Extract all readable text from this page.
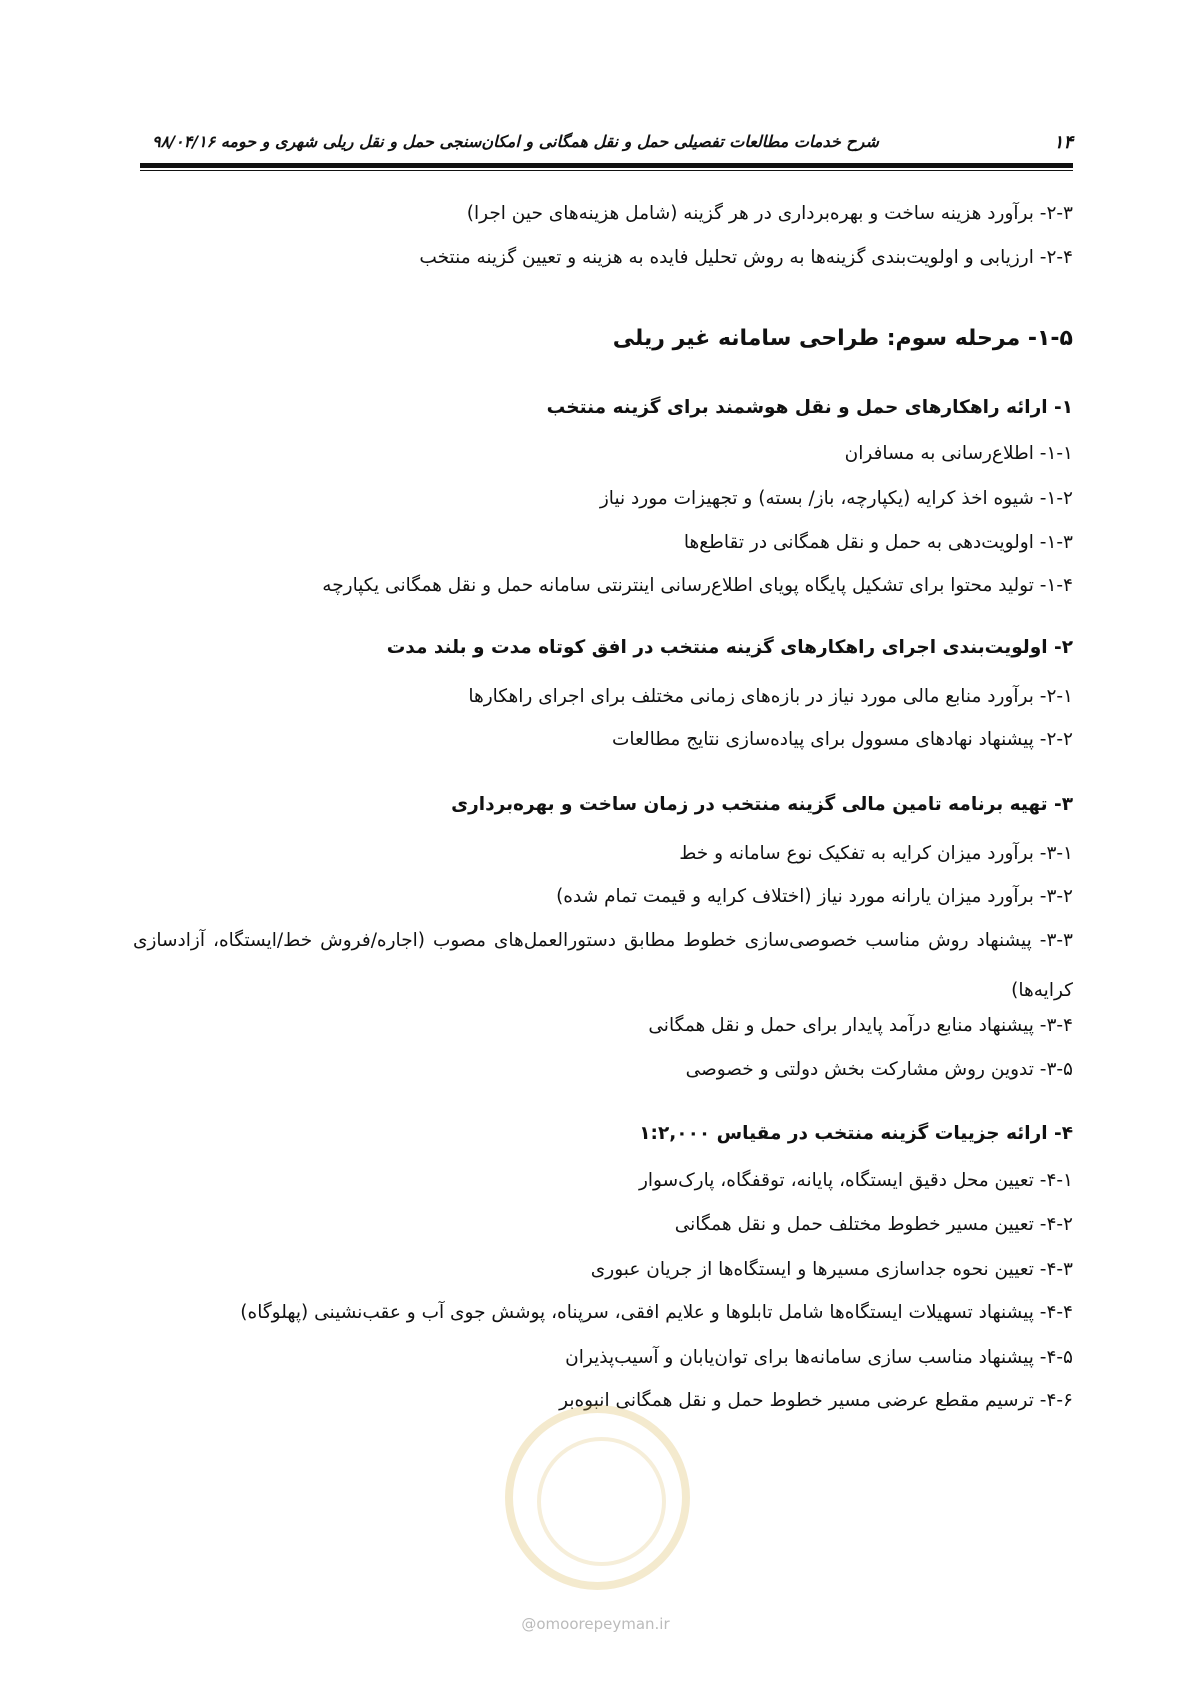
۱۴
شرح خدمات مطالعات تفصیلی حمل و نقل همگانی و امکان‌سنجی حمل و نقل ریلی شهری و حومه ۹۸/۰۴/۱۶
۲-۳- برآورد هزینه ساخت و بهره‌برداری در هر گزینه (شامل هزینه‌های حین اجرا)
۲-۴- ارزیابی و اولویت‌بندی گزینه‌ها به روش تحلیل فایده به هزینه و تعیین گزینه منتخب
۱-۵- مرحله سوم: طراحی سامانه غیر ریلی
۱- ارائه راهکارهای حمل و نقل هوشمند برای گزینه منتخب
۱-۱- اطلاع‌رسانی به مسافران
۱-۲- شیوه اخذ کرایه (یکپارچه، باز/ بسته) و تجهیزات مورد نیاز
۱-۳- اولویت‌دهی به حمل و نقل همگانی در تقاطع‌ها
۱-۴- تولید محتوا برای تشکیل پایگاه پویای اطلاع‌رسانی اینترنتی سامانه حمل و نقل همگانی یکپارچه
۲- اولویت‌بندی اجرای راهکارهای گزینه منتخب در افق کوتاه مدت و بلند مدت
۲-۱- برآورد منابع مالی مورد نیاز در بازه‌های زمانی مختلف برای اجرای راهکارها
۲-۲- پیشنهاد نهادهای مسوول برای پیاده‌سازی نتایج مطالعات
۳- تهیه برنامه تامین مالی گزینه منتخب در زمان ساخت و بهره‌برداری
۳-۱- برآورد میزان کرایه به تفکیک نوع سامانه و خط
۳-۲- برآورد میزان یارانه مورد نیاز (اختلاف کرایه و قیمت تمام شده)
۳-۳- پیشنهاد روش مناسب خصوصی‌سازی خطوط مطابق دستورالعمل‌های مصوب (اجاره/فروش خط/ایستگاه، آزادسازی کرایه‌ها)
۳-۴- پیشنهاد منابع درآمد پایدار برای حمل و نقل همگانی
۳-۵- تدوین روش مشارکت بخش دولتی و خصوصی
۴- ارائه جزییات گزینه منتخب در مقیاس ۱:۲,۰۰۰
۴-۱- تعیین محل دقیق ایستگاه، پایانه، توقفگاه، پارک‌سوار
۴-۲- تعیین مسیر خطوط مختلف حمل و نقل همگانی
۴-۳- تعیین نحوه جداسازی مسیرها و ایستگاه‌ها از جریان عبوری
۴-۴- پیشنهاد تسهیلات ایستگاه‌ها شامل تابلوها و علایم افقی، سرپناه، پوشش جوی آب و عقب‌نشینی (پهلوگاه)
۴-۵- پیشنهاد مناسب سازی سامانه‌ها برای توان‌یابان و آسیب‌پذیران
۴-۶- ترسیم مقطع عرضی مسیر خطوط حمل و نقل همگانی انبوه‌بر
@omoorepeyman.ir
